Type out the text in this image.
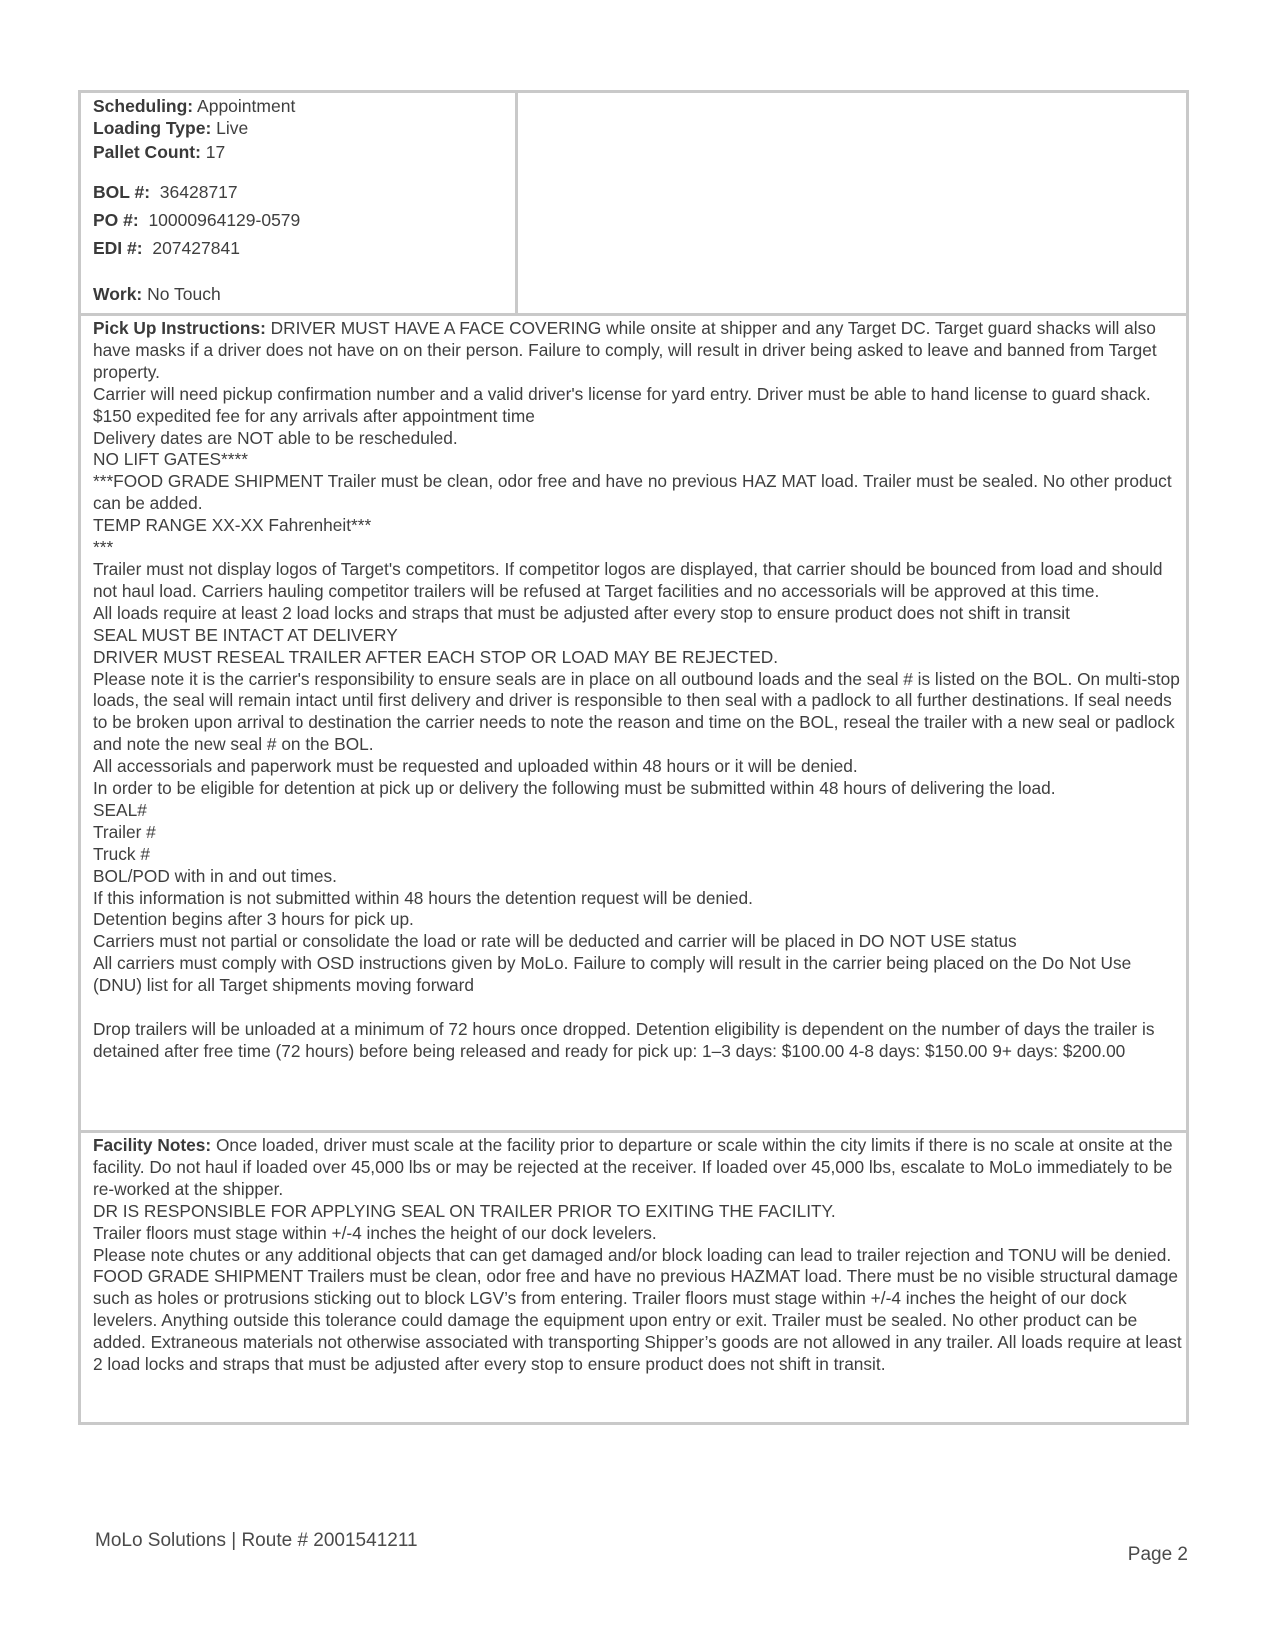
Scheduling: Appointment
Loading Type: Live
Pallet Count: 17
BOL #: 36428717
PO #: 10000964129-0579
EDI #: 207427841
Work: No Touch
Pick Up Instructions: DRIVER MUST HAVE A FACE COVERING while onsite at shipper and any Target DC. Target guard shacks will also have masks if a driver does not have on on their person. Failure to comply, will result in driver being asked to leave and banned from Target property.
Carrier will need pickup confirmation number and a valid driver's license for yard entry. Driver must be able to hand license to guard shack.
$150 expedited fee for any arrivals after appointment time
Delivery dates are NOT able to be rescheduled.
NO LIFT GATES****
***FOOD GRADE SHIPMENT Trailer must be clean, odor free and have no previous HAZ MAT load. Trailer must be sealed. No other product can be added.
TEMP RANGE XX-XX Fahrenheit***
***
Trailer must not display logos of Target's competitors. If competitor logos are displayed, that carrier should be bounced from load and should not haul load. Carriers hauling competitor trailers will be refused at Target facilities and no accessorials will be approved at this time.
All loads require at least 2 load locks and straps that must be adjusted after every stop to ensure product does not shift in transit
SEAL MUST BE INTACT AT DELIVERY
DRIVER MUST RESEAL TRAILER AFTER EACH STOP OR LOAD MAY BE REJECTED.
Please note it is the carrier's responsibility to ensure seals are in place on all outbound loads and the seal # is listed on the BOL. On multi-stop loads, the seal will remain intact until first delivery and driver is responsible to then seal with a padlock to all further destinations. If seal needs to be broken upon arrival to destination the carrier needs to note the reason and time on the BOL, reseal the trailer with a new seal or padlock and note the new seal # on the BOL.
All accessorials and paperwork must be requested and uploaded within 48 hours or it will be denied.
In order to be eligible for detention at pick up or delivery the following must be submitted within 48 hours of delivering the load.
SEAL#
Trailer #
Truck #
BOL/POD with in and out times.
If this information is not submitted within 48 hours the detention request will be denied.
Detention begins after 3 hours for pick up.
Carriers must not partial or consolidate the load or rate will be deducted and carrier will be placed in DO NOT USE status
All carriers must comply with OSD instructions given by MoLo. Failure to comply will result in the carrier being placed on the Do Not Use (DNU) list for all Target shipments moving forward
Drop trailers will be unloaded at a minimum of 72 hours once dropped. Detention eligibility is dependent on the number of days the trailer is detained after free time (72 hours) before being released and ready for pick up: 1–3 days: $100.00 4-8 days: $150.00 9+ days: $200.00
Facility Notes: Once loaded, driver must scale at the facility prior to departure or scale within the city limits if there is no scale at onsite at the facility. Do not haul if loaded over 45,000 lbs or may be rejected at the receiver. If loaded over 45,000 lbs, escalate to MoLo immediately to be re-worked at the shipper.
DR IS RESPONSIBLE FOR APPLYING SEAL ON TRAILER PRIOR TO EXITING THE FACILITY.
Trailer floors must stage within +/-4 inches the height of our dock levelers.
Please note chutes or any additional objects that can get damaged and/or block loading can lead to trailer rejection and TONU will be denied.
FOOD GRADE SHIPMENT Trailers must be clean, odor free and have no previous HAZMAT load. There must be no visible structural damage such as holes or protrusions sticking out to block LGV’s from entering. Trailer floors must stage within +/-4 inches the height of our dock levelers. Anything outside this tolerance could damage the equipment upon entry or exit. Trailer must be sealed. No other product can be added. Extraneous materials not otherwise associated with transporting Shipper’s goods are not allowed in any trailer. All loads require at least 2 load locks and straps that must be adjusted after every stop to ensure product does not shift in transit.
MoLo Solutions | Route # 2001541211
Page 2
